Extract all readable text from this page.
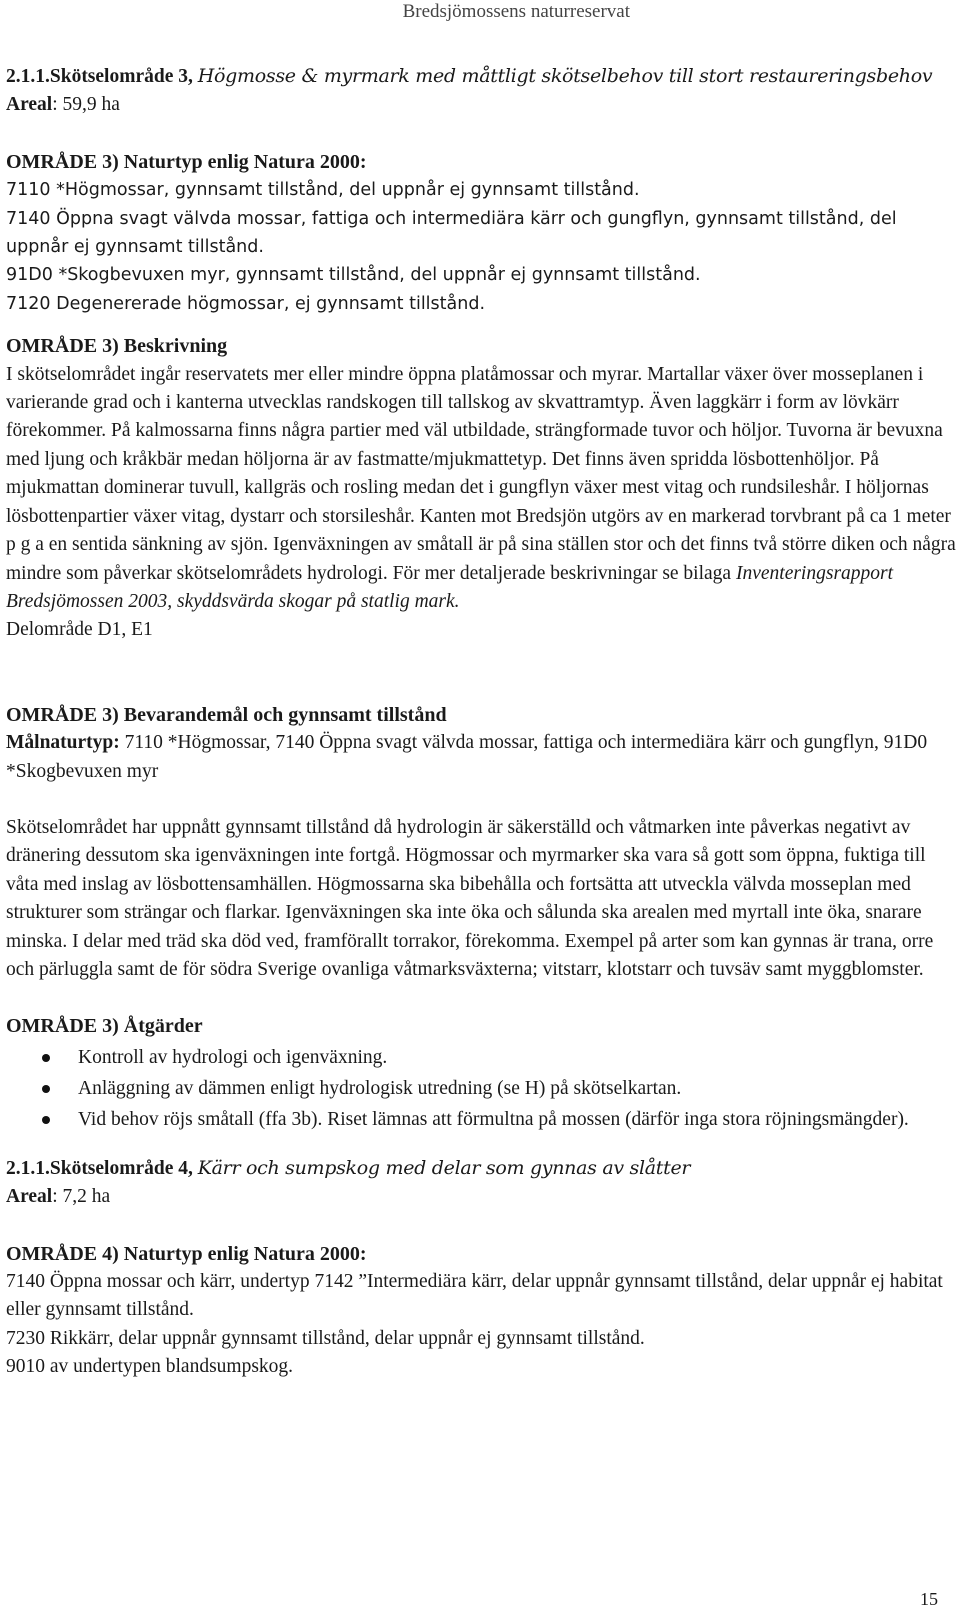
Bredsjömossens naturreservat

2.1.1.Skötselområde 3, Högmosse & myrmark med måttligt skötselbehov till stort restaureringsbehov

Areal: 59,9 ha

OMRÅDE 3) Naturtyp enlig Natura 2000:

7110 *Högmossar, gynnsamt tillstånd, del uppnår ej gynnsamt tillstånd.

7140 Öppna svagt välvda mossar, fattiga och intermediära kärr och gungflyn, gynnsamt tillstånd, del uppnår ej gynnsamt tillstånd.

91D0 *Skogbevuxen myr, gynnsamt tillstånd, del uppnår ej gynnsamt tillstånd.

7120 Degenererade högmossar, ej gynnsamt tillstånd.

OMRÅDE 3) Beskrivning

I skötselområdet ingår reservatets mer eller mindre öppna platåmossar och myrar. Martallar växer över mosseplanen i varierande grad och i kanterna utvecklas randskogen till tallskog av skvattramtyp. Även laggkärr i form av lövkärr förekommer. På kalmossarna finns några partier med väl utbildade, strängformade tuvor och höljor. Tuvorna är bevuxna med ljung och kråkbär medan höljorna är av fastmatte/mjukmattetyp. Det finns även spridda lösbottenhöljor. På mjukmattan dominerar tuvull, kallgräs och rosling medan det i gungflyn växer mest vitag och rundsileshår. I höljornas lösbottenpartier växer vitag, dystarr och storsileshår. Kanten mot Bredsjön utgörs av en markerad torvbrant på ca 1 meter p g a en sentida sänkning av sjön. Igenväxningen av småtall är på sina ställen stor och det finns två större diken och några mindre som påverkar skötselområdets hydrologi. För mer detaljerade beskrivningar se bilaga Inventeringsrapport Bredsjömossen 2003, skyddsvärda skogar på statlig mark.

Delområde D1, E1

OMRÅDE 3) Bevarandemål och gynnsamt tillstånd

Målnaturtyp: 7110 *Högmossar, 7140 Öppna svagt välvda mossar, fattiga och intermediära kärr och gungflyn, 91D0 *Skogbevuxen myr

Skötselområdet har uppnått gynnsamt tillstånd då hydrologin är säkerställd och våtmarken inte påverkas negativt av dränering dessutom ska igenväxningen inte fortgå. Högmossar och myrmarker ska vara så gott som öppna, fuktiga till våta med inslag av lösbottensamhällen. Högmossarna ska bibehålla och fortsätta att utveckla välvda mosseplan med strukturer som strängar och flarkar. Igenväxningen ska inte öka och sålunda ska arealen med myrtall inte öka, snarare minska. I delar med träd ska död ved, framförallt torrakor, förekomma. Exempel på arter som kan gynnas är trana, orre och pärluggla samt de för södra Sverige ovanliga våtmarksväxterna; vitstarr, klotstarr och tuvsäv samt myggblomster.

OMRÅDE 3) Åtgärder

Kontroll av hydrologi och igenväxning.
Anläggning av dämmen enligt hydrologisk utredning (se H) på skötselkartan.
Vid behov röjs småtall (ffa 3b). Riset lämnas att förmultna på mossen (därför inga stora röjningsmängder).

2.1.1.Skötselområde 4, Kärr och sumpskog med delar som gynnas av slåtter

Areal: 7,2 ha

OMRÅDE 4) Naturtyp enlig Natura 2000:

7140 Öppna mossar och kärr, undertyp 7142 ”Intermediära kärr, delar uppnår gynnsamt tillstånd, delar uppnår ej habitat eller gynnsamt tillstånd.

7230 Rikkärr, delar uppnår gynnsamt tillstånd, delar uppnår ej gynnsamt tillstånd.

9010 av undertypen blandsumpskog.

15
